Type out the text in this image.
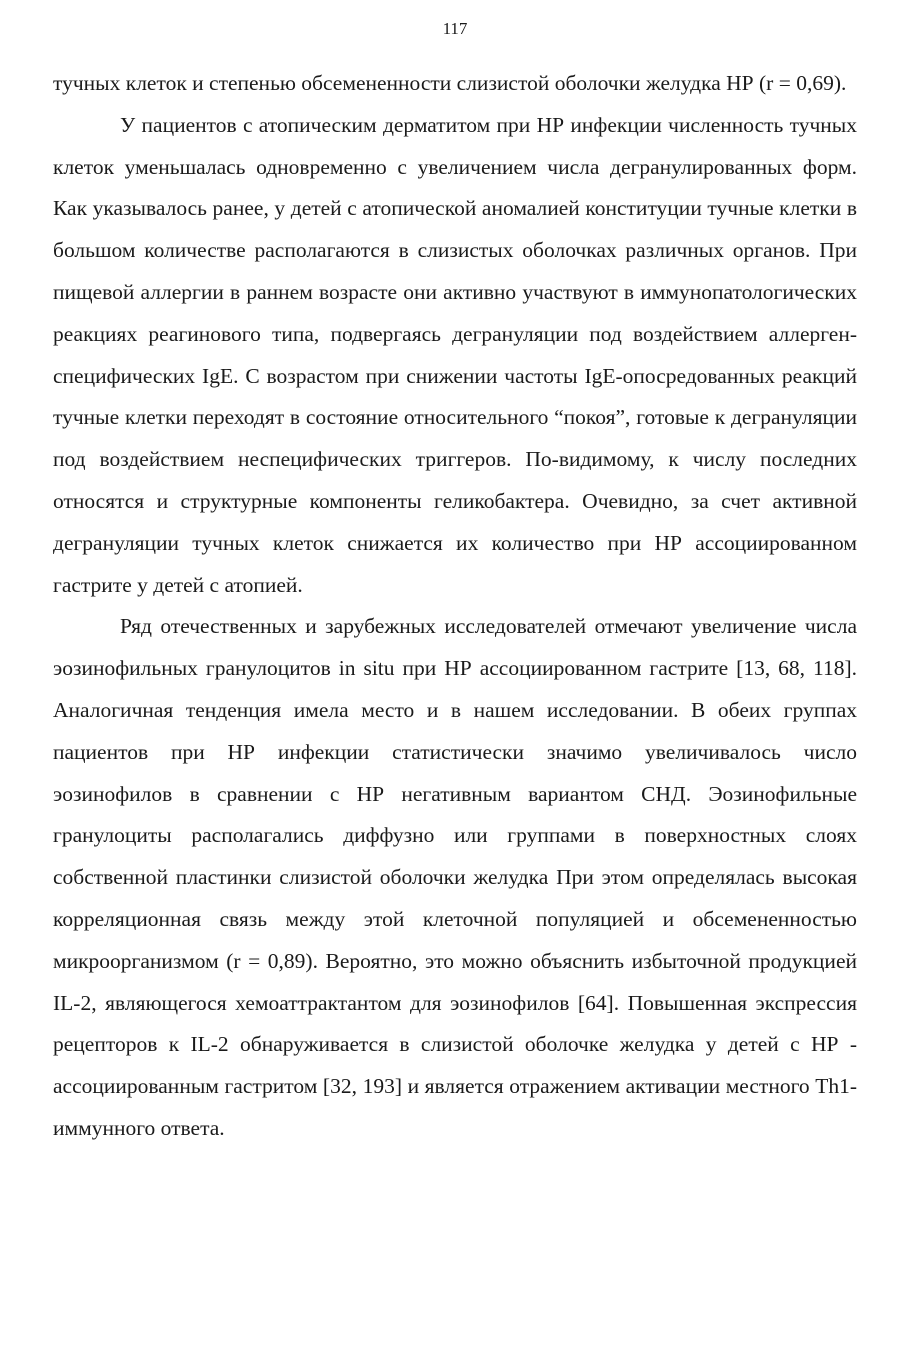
117

тучных клеток и степенью обсемененности слизистой оболочки желудка НР (r = 0,69).

У пациентов с атопическим дерматитом при НР инфекции численность тучных клеток уменьшалась одновременно с увеличением числа дегранулированных форм. Как указывалось ранее, у детей с атопической аномалией конституции тучные клетки в большом количестве располагаются в слизистых оболочках различных органов. При пищевой аллергии в раннем возрасте они активно участвуют в иммунопатологических реакциях реагинового типа, подвергаясь дегрануляции под воздействием аллерген-специфических IgE. С возрастом при снижении частоты IgE-опосредованных реакций тучные клетки переходят в состояние относительного “покоя”, готовые к дегрануляции под воздействием неспецифических триггеров. По-видимому, к числу последних относятся и структурные компоненты геликобактера. Очевидно, за счет активной дегрануляции тучных клеток снижается их количество при НР ассоциированном гастрите у детей с атопией.

Ряд отечественных и зарубежных исследователей отмечают увеличение числа эозинофильных гранулоцитов in situ при НР ассоциированном гастрите [13, 68, 118]. Аналогичная тенденция имела место и в нашем исследовании. В обеих группах пациентов при НР инфекции статистически значимо увеличивалось число эозинофилов в сравнении с НР негативным вариантом СНД. Эозинофильные гранулоциты располагались диффузно или группами в поверхностных слоях собственной пластинки слизистой оболочки желудка При этом определялась высокая корреляционная связь между этой клеточной популяцией и обсемененностью микроорганизмом (r = 0,89). Вероятно, это можно объяснить избыточной продукцией IL-2, являющегося хемоаттрактантом для эозинофилов [64]. Повышенная экспрессия рецепторов к IL-2 обнаруживается в слизистой оболочке желудка у детей с НР - ассоциированным гастритом [32, 193] и является отражением активации местного Th1-иммунного ответа.
